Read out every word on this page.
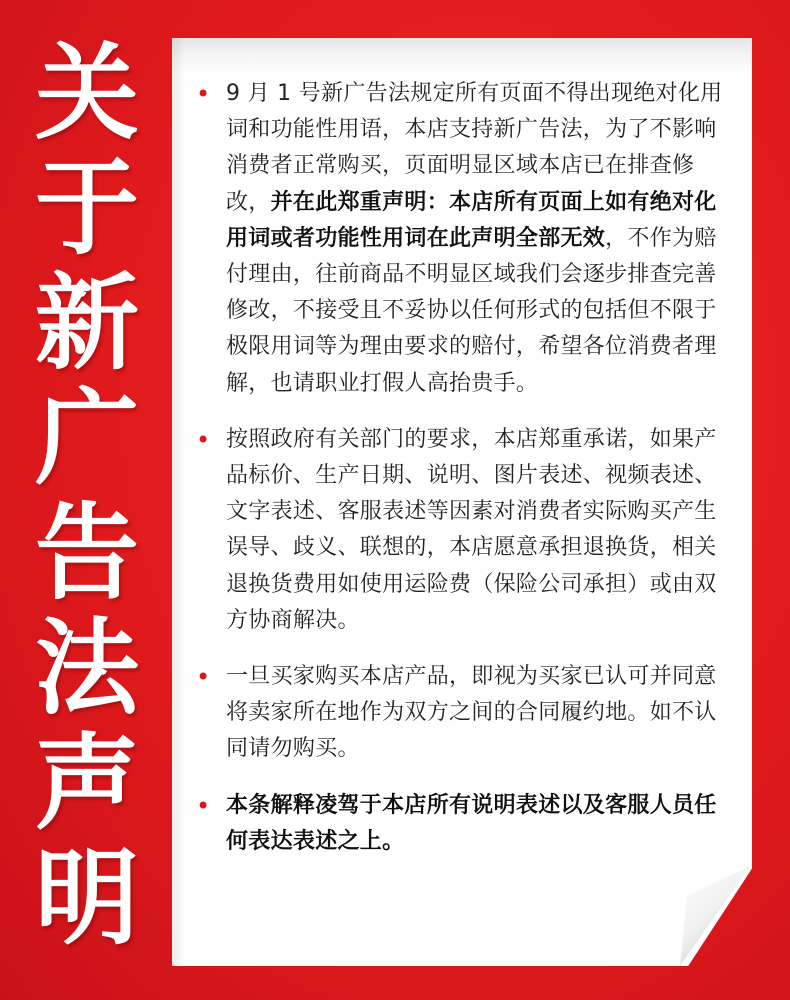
关
于
新
广
告
法
声
明
• 9 月 1 号新广告法规定所有页面不得出现绝对化用词和功能性用语，本店支持新广告法，为了不影响消费者正常购买，页面明显区域本店已在排查修改，并在此郑重声明：本店所有页面上如有绝对化用词或者功能性用词在此声明全部无效，不作为赔付理由，往前商品不明显区域我们会逐步排查完善修改，不接受且不妥协以任何形式的包括但不限于极限用词等为理由要求的赔付，希望各位消费者理解，也请职业打假人高抬贵手。
• 按照政府有关部门的要求，本店郑重承诺，如果产品标价、生产日期、说明、图片表述、视频表述、文字表述、客服表述等因素对消费者实际购买产生误导、歧义、联想的，本店愿意承担退换货，相关退换货费用如使用运险费（保险公司承担）或由双方协商解决。
• 一旦买家购买本店产品，即视为买家已认可并同意将卖家所在地作为双方之间的合同履约地。如不认同请勿购买。
• 本条解释凌驾于本店所有说明表述以及客服人员任何表达表述之上。
